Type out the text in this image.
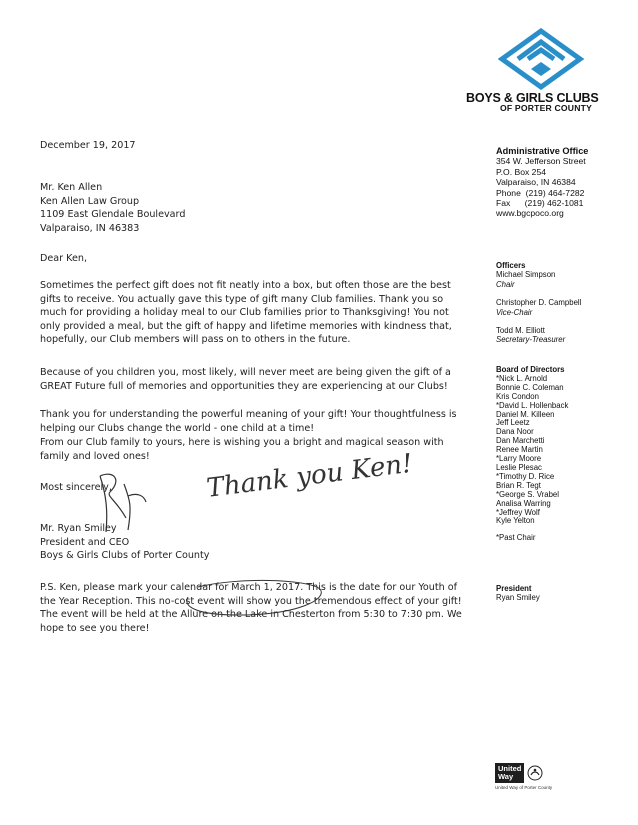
BOYS & GIRLS CLUBS
OF PORTER COUNTY
December 19, 2017

Mr. Ken Allen

Ken Allen Law Group

1109 East Glendale Boulevard

Valparaiso, IN 46383

Dear Ken,
Sometimes the perfect gift does not fit neatly into a box, but often those are the best gifts to receive. You actually gave this type of gift many Club families. Thank you so much for providing a holiday meal to our Club families prior to Thanksgiving! You not only provided a meal, but the gift of happy and lifetime memories with kindness that, hopefully, our Club members will pass on to others in the future.
Because of you children you, most likely, will never meet are being given the gift of a GREAT Future full of memories and opportunities they are experiencing at our Clubs!
Thank you for understanding the powerful meaning of your gift! Your thoughtfulness is helping our Clubs change the world - one child at a time!
From our Club family to yours, here is wishing you a bright and magical season with family and loved ones!
Most sincerely,	Thank you Ken!

Mr. Ryan Smiley

President and CEO

Boys & Girls Clubs of Porter County

P.S. Ken, please mark your calendar for March 1, 2017. This is the date for our Youth of the Year Reception. This no-cost event will show you the tremendous effect of your gift! The event will be held at the Allure on the Lake in Chesterton from 5:30 to 7:30 pm. We hope to see you there!
Administrative Office
354 W. Jefferson Street
P.O. Box 254
Valparaiso, IN 46384
Phone (219) 464-7282
Fax (219) 462-1081
www.bgcpoco.org
Officers
Michael Simpson
Chair
Christopher D. Campbell
Vice-Chair
Todd M. Elliott
Secretary-Treasurer
Board of Directors
*Nick L. Arnold
Bonnie C. Coleman
Kris Condon
*David L. Hollenback
Daniel M. Killeen
Jeff Leetz
Dana Noor
Dan Marchetti
Renee Martin
*Larry Moore
Leslie Plesac
*Timothy D. Rice
Brian R. Tegt
*George S. Vrabel
Analisa Warring
*Jeffrey Wolf
Kyle Yelton
*Past Chair
President
Ryan Smiley
United
Way
United Way of Porter County
